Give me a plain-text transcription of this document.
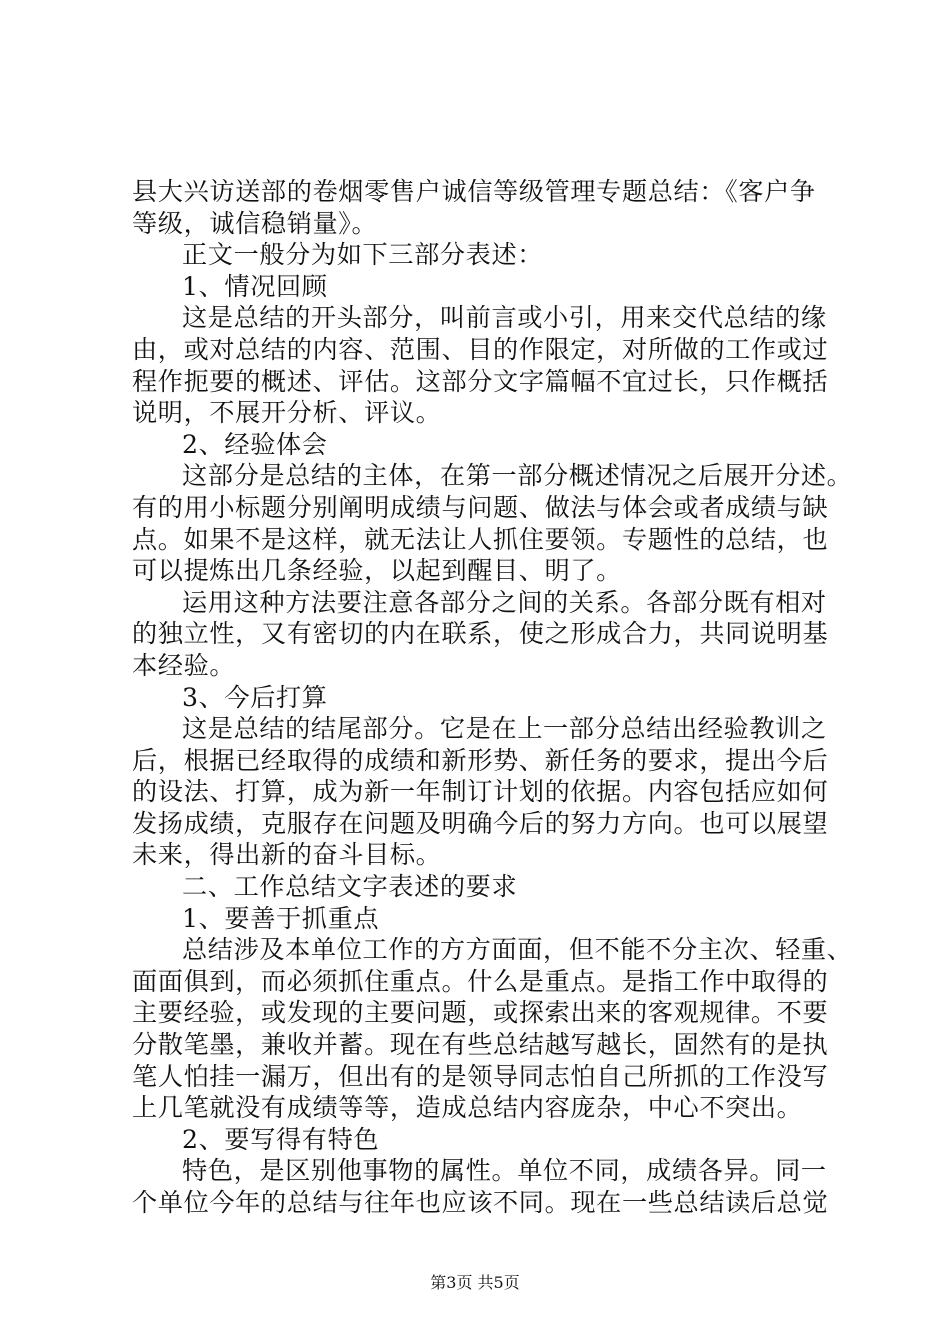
县大兴访送部的卷烟零售户诚信等级管理专题总结：《客户争
等级，诚信稳销量》。
正文一般分为如下三部分表述：
1、情况回顾
这是总结的开头部分，叫前言或小引，用来交代总结的缘
由，或对总结的内容、范围、目的作限定，对所做的工作或过
程作扼要的概述、评估。这部分文字篇幅不宜过长，只作概括
说明，不展开分析、评议。
2、经验体会
这部分是总结的主体，在第一部分概述情况之后展开分述。
有的用小标题分别阐明成绩与问题、做法与体会或者成绩与缺
点。如果不是这样，就无法让人抓住要领。专题性的总结，也
可以提炼出几条经验，以起到醒目、明了。
运用这种方法要注意各部分之间的关系。各部分既有相对
的独立性，又有密切的内在联系，使之形成合力，共同说明基
本经验。
3、今后打算
这是总结的结尾部分。它是在上一部分总结出经验教训之
后，根据已经取得的成绩和新形势、新任务的要求，提出今后
的设法、打算，成为新一年制订计划的依据。内容包括应如何
发扬成绩，克服存在问题及明确今后的努力方向。也可以展望
未来，得出新的奋斗目标。
二、工作总结文字表述的要求
1、要善于抓重点
总结涉及本单位工作的方方面面，但不能不分主次、轻重、
面面俱到，而必须抓住重点。什么是重点。是指工作中取得的
主要经验，或发现的主要问题，或探索出来的客观规律。不要
分散笔墨，兼收并蓄。现在有些总结越写越长，固然有的是执
笔人怕挂一漏万，但出有的是领导同志怕自己所抓的工作没写
上几笔就没有成绩等等，造成总结内容庞杂，中心不突出。
2、要写得有特色
特色，是区别他事物的属性。单位不同，成绩各异。同一
个单位今年的总结与往年也应该不同。现在一些总结读后总觉
第3页 共5页
